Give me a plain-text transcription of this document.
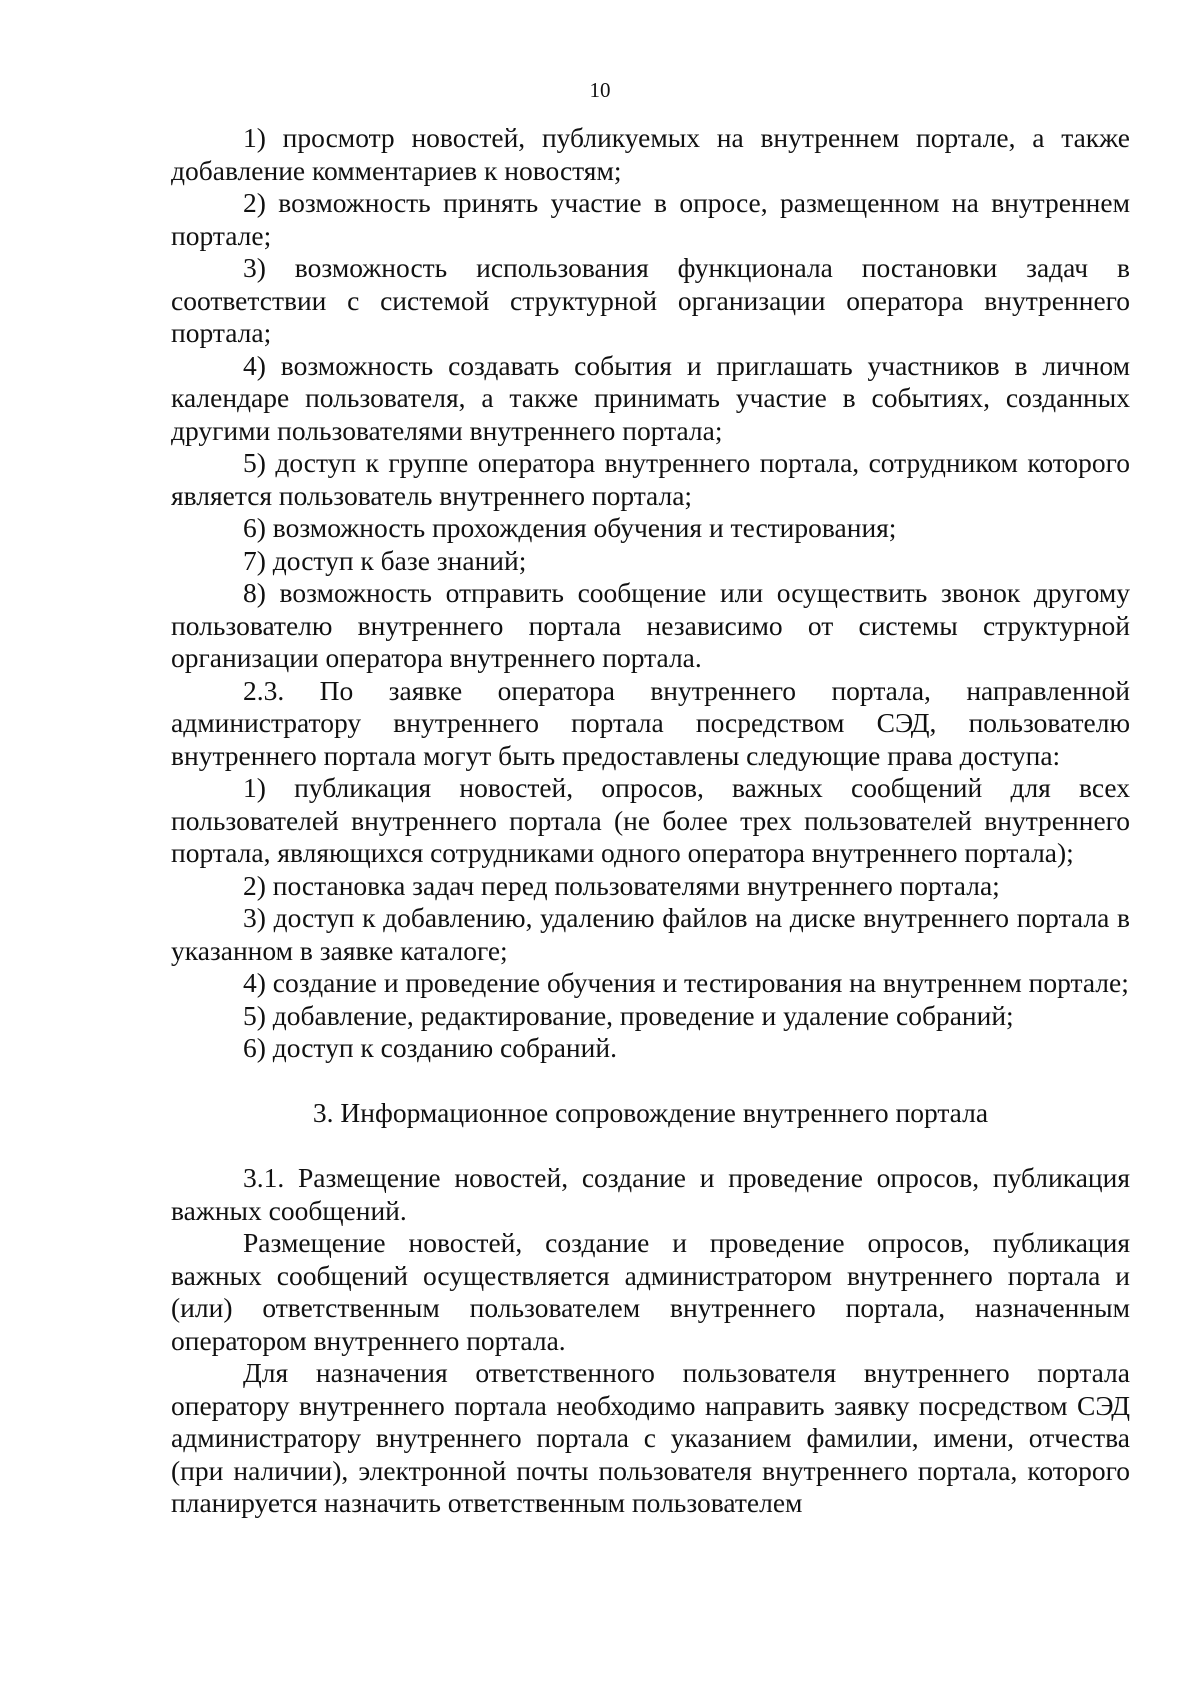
10

1) просмотр новостей, публикуемых на внутреннем портале, а также добавление комментариев к новостям;

2) возможность принять участие в опросе, размещенном на внутреннем портале;

3) возможность использования функционала постановки задач в соответствии с системой структурной организации оператора внутреннего портала;

4) возможность создавать события и приглашать участников в личном календаре пользователя, а также принимать участие в событиях, созданных другими пользователями внутреннего портала;

5) доступ к группе оператора внутреннего портала, сотрудником которого является пользователь внутреннего портала;

6) возможность прохождения обучения и тестирования;

7) доступ к базе знаний;

8) возможность отправить сообщение или осуществить звонок другому пользователю внутреннего портала независимо от системы структурной организации оператора внутреннего портала.

2.3. По заявке оператора внутреннего портала, направленной администратору внутреннего портала посредством СЭД, пользователю внутреннего портала могут быть предоставлены следующие права доступа:

1) публикация новостей, опросов, важных сообщений для всех пользователей внутреннего портала (не более трех пользователей внутреннего портала, являющихся сотрудниками одного оператора внутреннего портала);

2) постановка задач перед пользователями внутреннего портала;

3) доступ к добавлению, удалению файлов на диске внутреннего портала в указанном в заявке каталоге;

4) создание и проведение обучения и тестирования на внутреннем портале;

5) добавление, редактирование, проведение и удаление собраний;

6) доступ к созданию собраний.

3. Информационное сопровождение внутреннего портала

3.1. Размещение новостей, создание и проведение опросов, публикация важных сообщений.

Размещение новостей, создание и проведение опросов, публикация важных сообщений осуществляется администратором внутреннего портала и (или) ответственным пользователем внутреннего портала, назначенным оператором внутреннего портала.

Для назначения ответственного пользователя внутреннего портала оператору внутреннего портала необходимо направить заявку посредством СЭД администратору внутреннего портала с указанием фамилии, имени, отчества (при наличии), электронной почты пользователя внутреннего портала, которого планируется назначить ответственным пользователем
